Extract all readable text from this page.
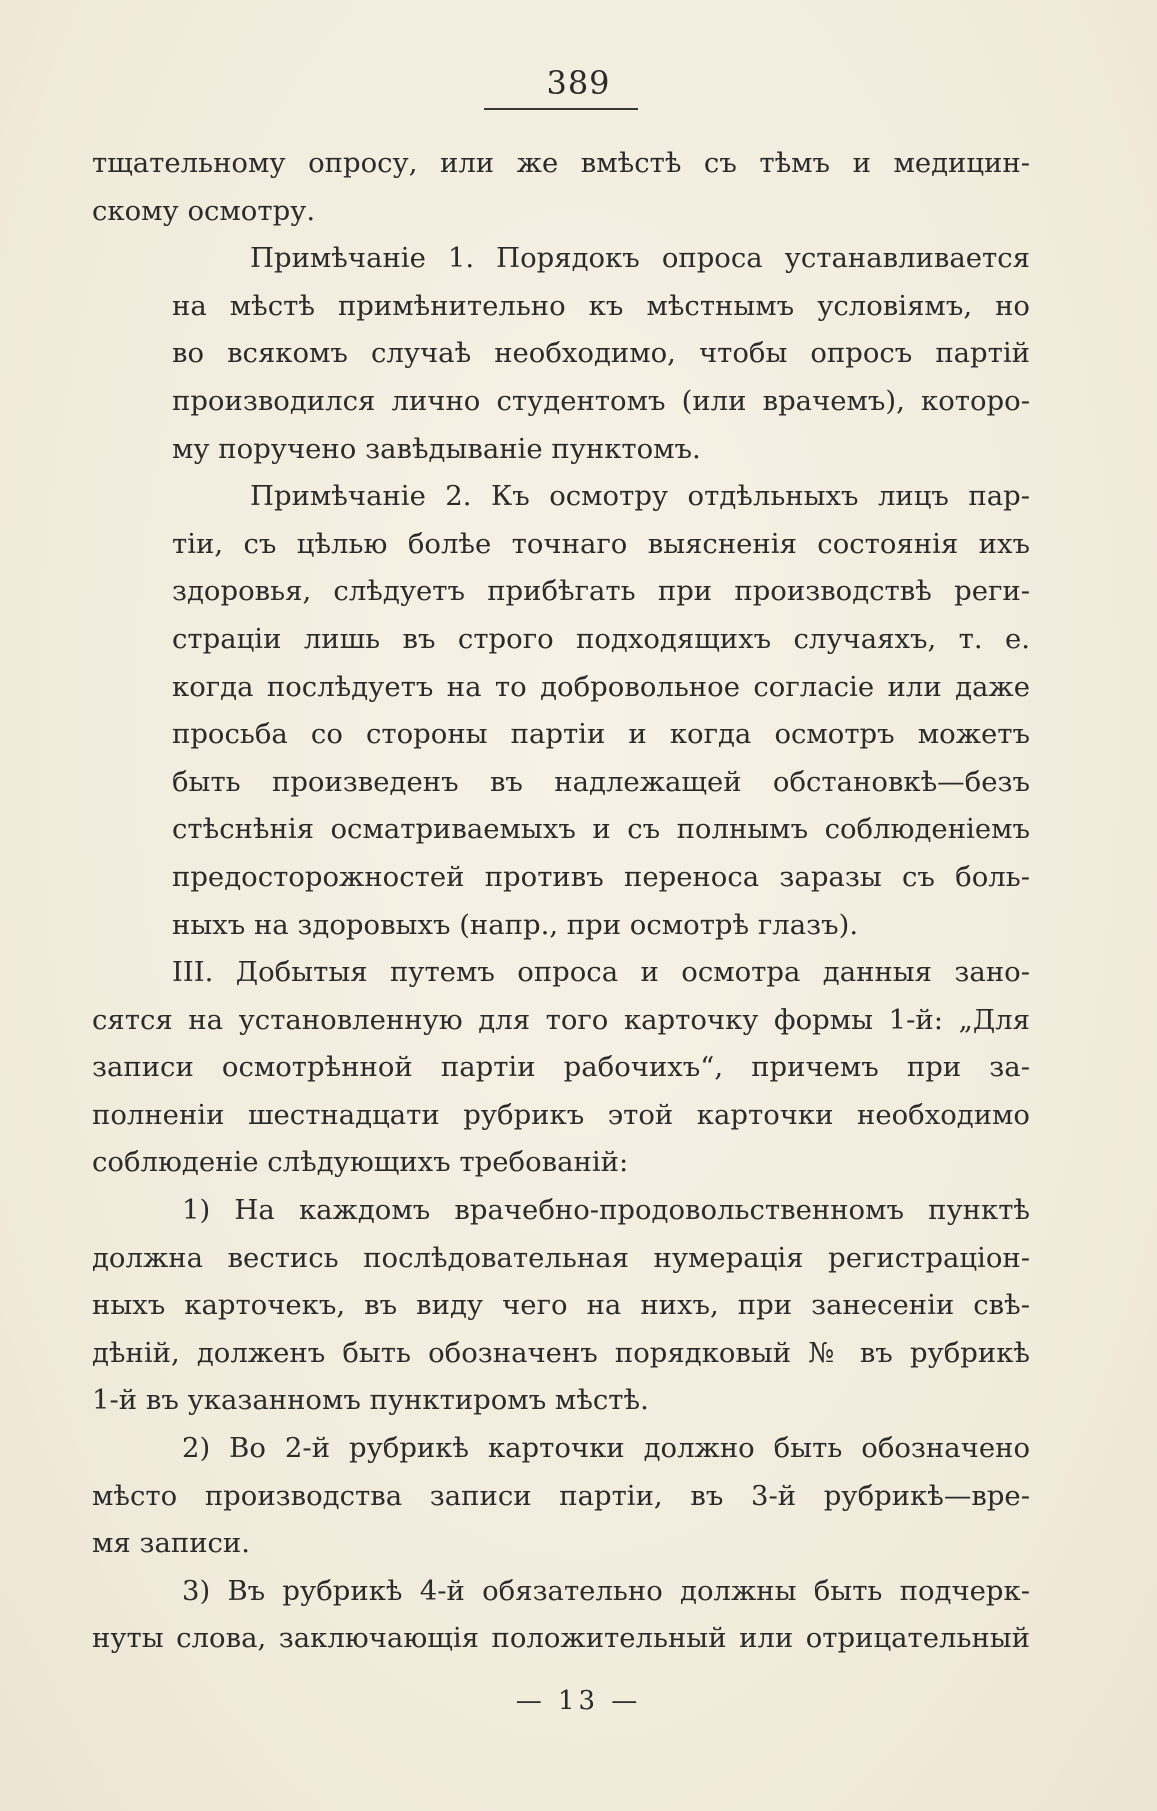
389
тщательному опросу, или же вмѣстѣ съ тѣмъ и медицин-
скому осмотру.
Примѣчаніе 1. Порядокъ опроса устанавливается
на мѣстѣ примѣнительно къ мѣстнымъ условіямъ, но
во всякомъ случаѣ необходимо, чтобы опросъ партій
производился лично студентомъ (или врачемъ), которо-
му поручено завѣдываніе пунктомъ.
Примѣчаніе 2. Къ осмотру отдѣльныхъ лицъ пар-
тіи, съ цѣлью болѣе точнаго выясненія состоянія ихъ
здоровья, слѣдуетъ прибѣгать при производствѣ реги-
страціи лишь въ строго подходящихъ случаяхъ, т. е.
когда послѣдуетъ на то добровольное согласіе или даже
просьба со стороны партіи и когда осмотръ можетъ
быть произведенъ въ надлежащей обстановкѣ—безъ
стѣснѣнія осматриваемыхъ и съ полнымъ соблюденіемъ
предосторожностей противъ переноса заразы съ боль-
ныхъ на здоровыхъ (напр., при осмотрѣ глазъ).
III. Добытыя путемъ опроса и осмотра данныя зано-
сятся на установленную для того карточку формы 1-й: „Для
записи осмотрѣнной партіи рабочихъ“, причемъ при за-
полненіи шестнадцати рубрикъ этой карточки необходимо
соблюденіе слѣдующихъ требованій:
1) На каждомъ врачебно-продовольственномъ пунктѣ
должна вестись послѣдовательная нумерація регистраціон-
ныхъ карточекъ, въ виду чего на нихъ, при занесеніи свѣ-
дѣній, долженъ быть обозначенъ порядковый № въ рубрикѣ
1-й въ указанномъ пунктиромъ мѣстѣ.
2) Во 2-й рубрикѣ карточки должно быть обозначено
мѣсто производства записи партіи, въ 3-й рубрикѣ—вре-
мя записи.
3) Въ рубрикѣ 4-й обязательно должны быть подчерк-
нуты слова, заключающія положительный или отрицательный
— 13 —
